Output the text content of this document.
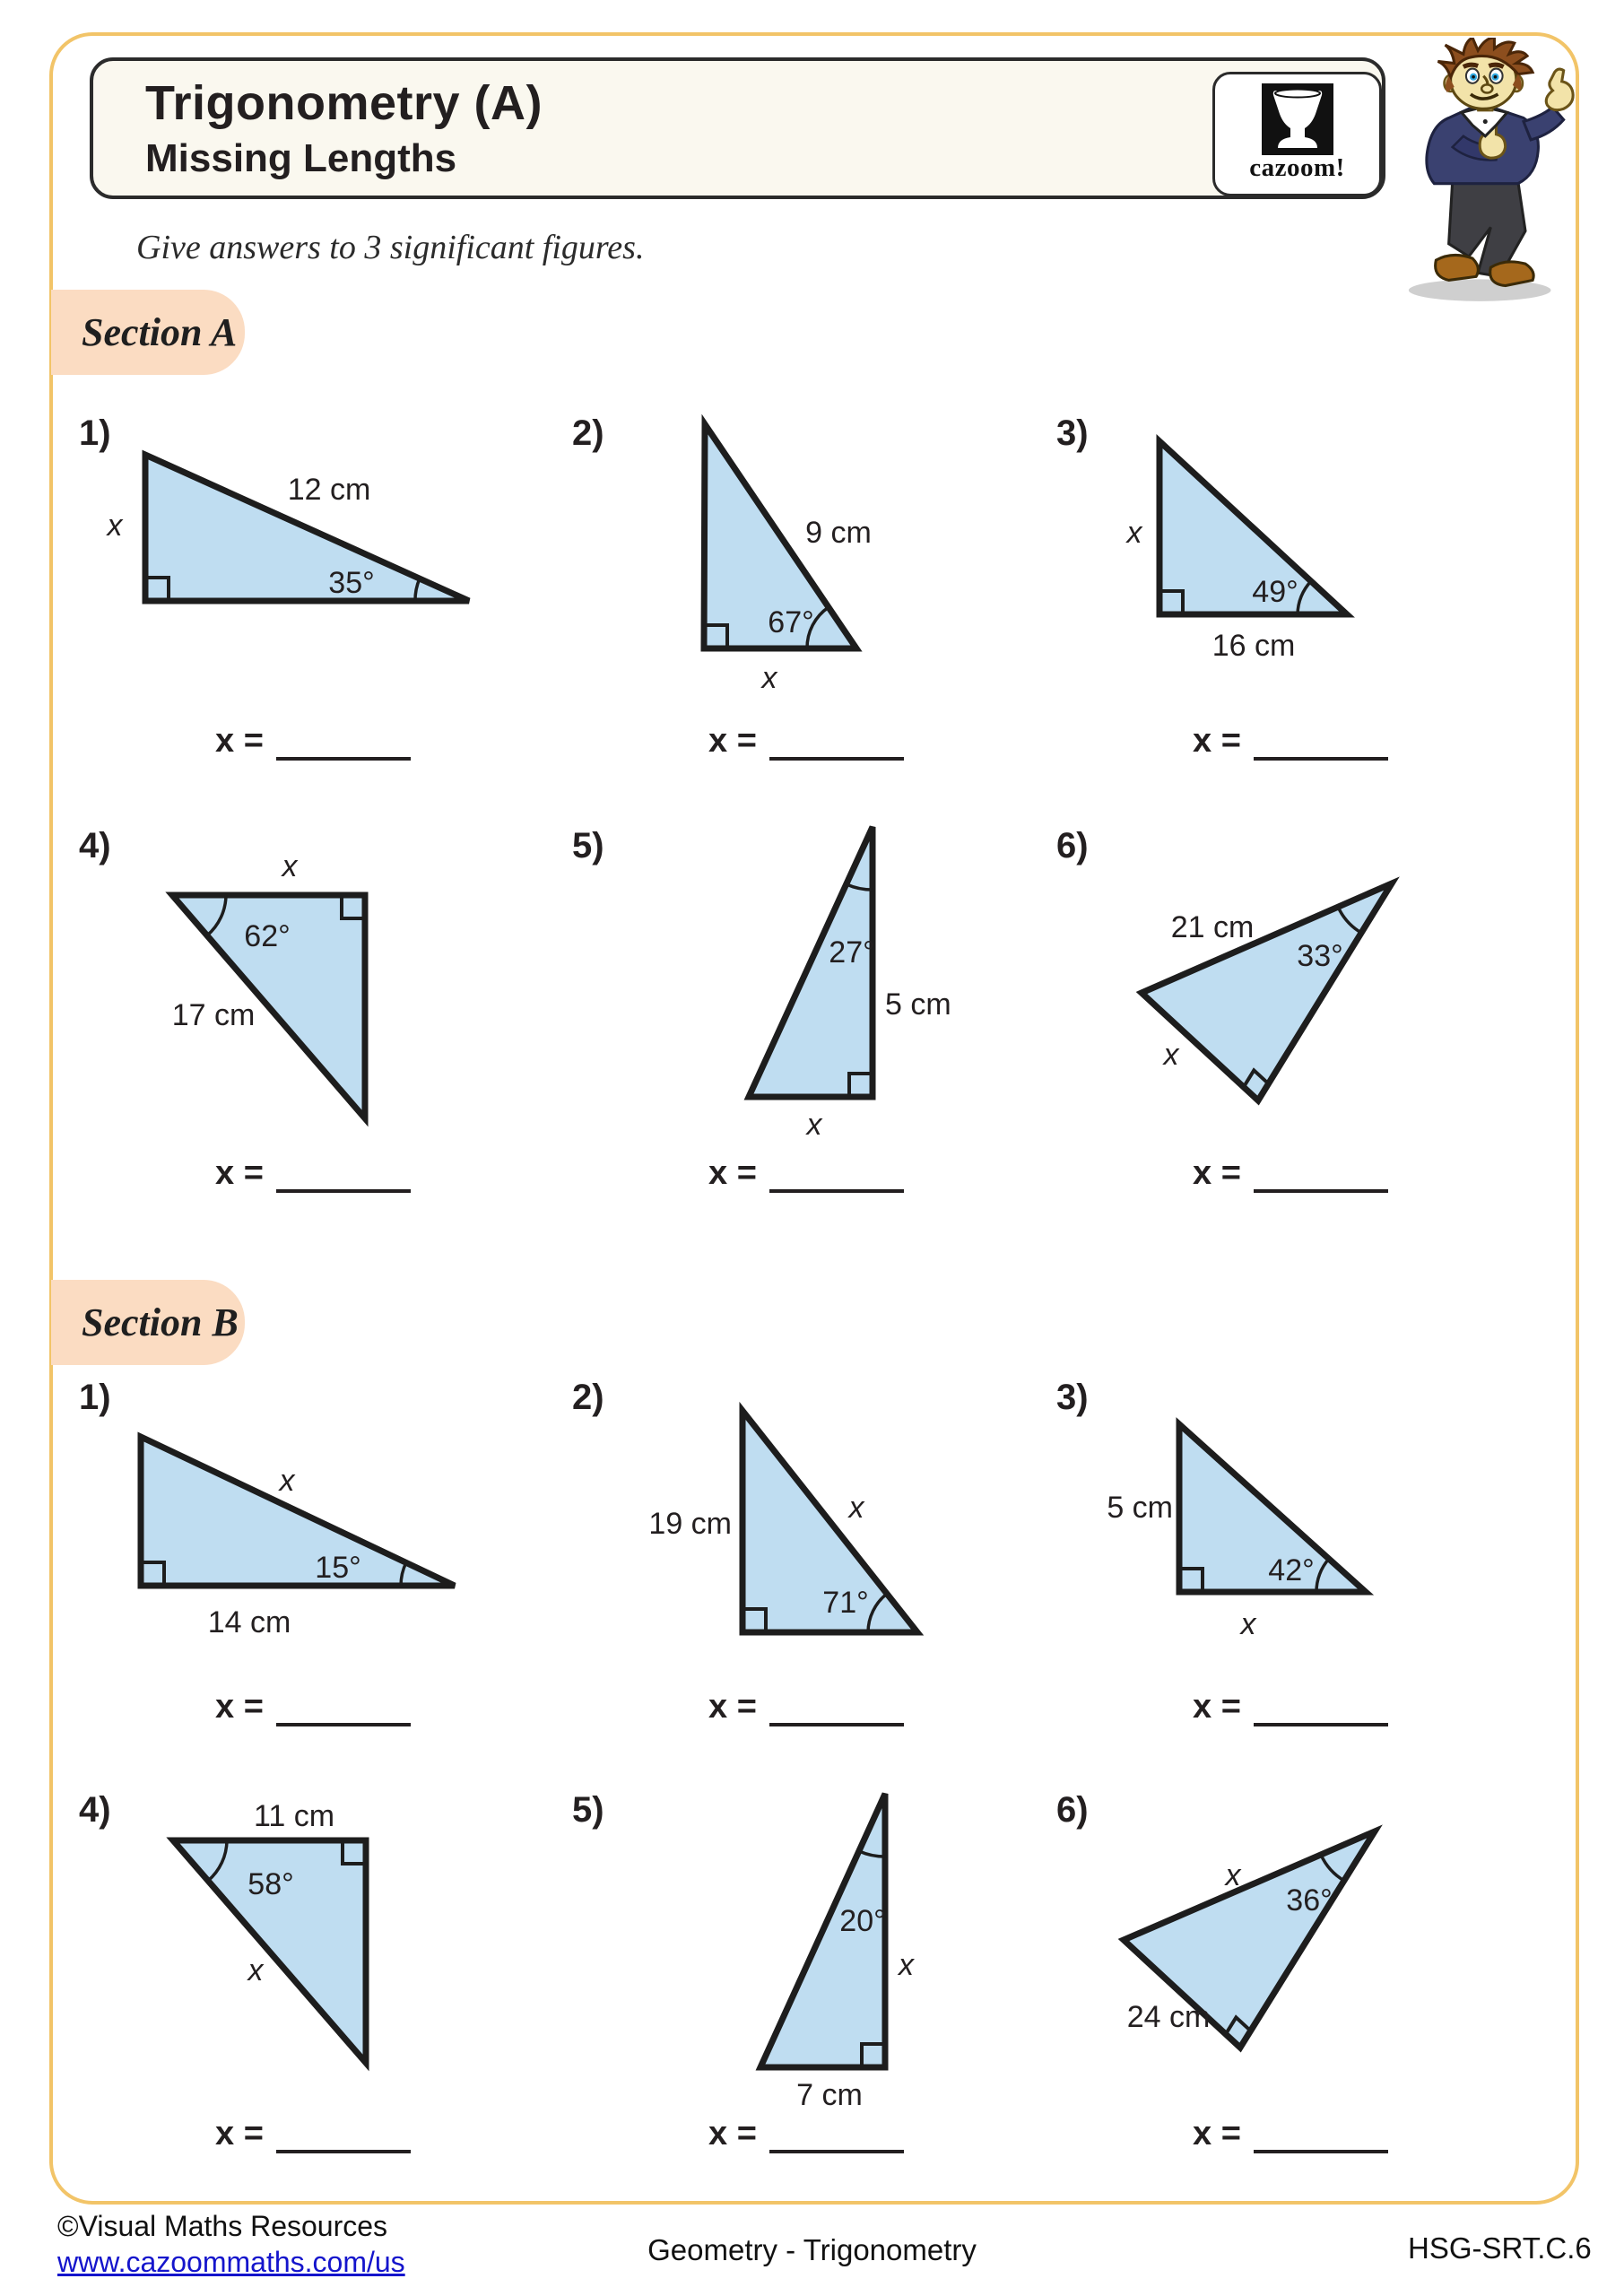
Trigonometry (A)
Missing Lengths	cazoom!
Give answers to 3 significant figures.
Section A
Section B
1)
x
12 cm
35°
x =
2)
9 cm
67°
x
x =
3)
x
16 cm
49°
x =
4)
x
62°
17 cm
x =
5)
27°
5 cm
x
x =
6)
21 cm
33°
x
x =
1)
x
15°
14 cm
x =
2)
19 cm	x
71°
x =
3)
5 cm
42°
x
x =
4)	11 cm
58°
x
x =
5)
20°
x
7 cm
x =
6)
x
36°
24 cm
x =
©Visual Maths Resources
www.cazoommaths.com/us	Geometry - Trigonometry	HSG-SRT.C.6
